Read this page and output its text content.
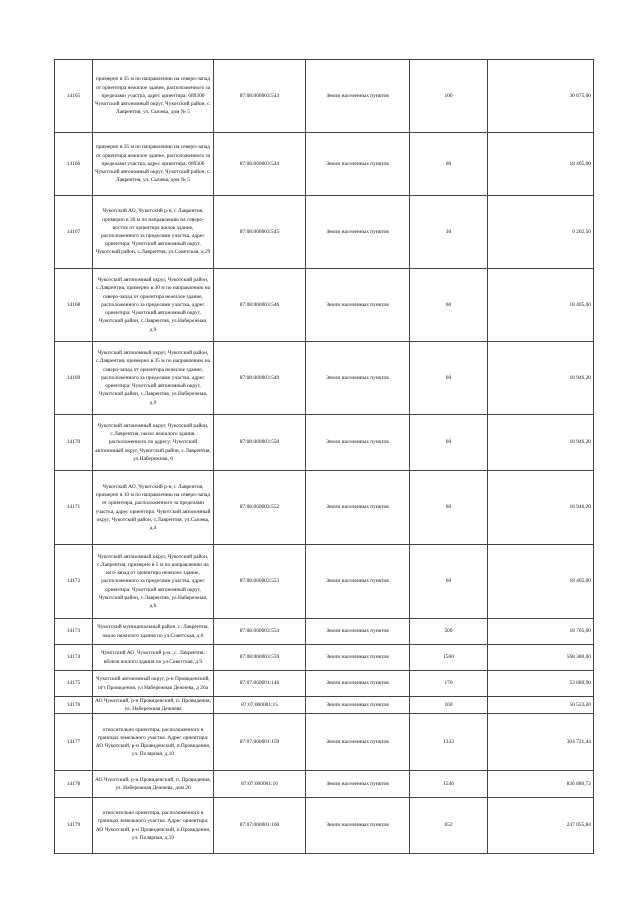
14165	примерно в 35 м по направлению на северо-запад от ориентира нежилое здание, расположенного за пределами участка, адрес ориентира: 689300 Чукотский автономный округ, Чукотский район, с. Лаврентия, ул. Сычева, дом № 5	87:08:060003:543	Земли населенных пунктов	100	30 675,00
14166	примерно в 35 м по направлению на северо-запад от ориентира нежилое здание, расположенного за пределами участка, адрес ориентира: 689300 Чукотский автономный округ, Чукотский район, с. Лаврентия, ул. Сычева, дом № 5	87:08:060003:544	Земли населенных пунктов	60	18 405,00
14167	Чукотский АО, Чукотский р-н, с Лаврентия, примерно в 30 м по направлению на северо-восток от ориентира жилое здание, расположенного за пределами участка, адрес ориентира: Чукотский автономный округ, Чукотский район, с.Лаврентия, ул.Советская, д.29	87:08:060003:545	Земли населенных пунктов	30	9 202,50
14168	Чукотский автономный округ, Чукотский район, с.Лаврентия, примерно в 30 м по направлению на северо-запад от ориентира нежилое здание, расположенного за пределами участка, адрес ориентира: Чукотский автономный округ, Чукотский район, с.Лаврентия, ул.Набережная, д.9	87:08:060003:546	Земли населенных пунктов	60	18 405,00
14169	Чукотский автономный округ, Чукотский район, с.Лаврентия, примерно в 35 м по направлению на северо-запад от ориентира нежилое здание, расположенного за пределами участка, адрес ориентира: Чукотский автономный округ, Чукотский район, с.Лаврентия, ул.Набережная, д.9	87:08:060003:549	Земли населенных пунктов	60	18 946,20
14170	Чукотский автономный округ, Чукотский район, с.Лаврентия, около нежилого здания, расположенного по адресу: Чукотский автономный округ, Чукотский район, с.Лаврентия, ул.Набережная, 6	87:08:060003:550	Земли населенных пунктов	60	18 946,20
14171	Чукотский АО, Чукотский р-н, с Лаврентия, примерно в 10 м по направлению на северо-запад от ориентира, расположенного за пределами участка, адрес ориентира: Чукотский автономный округ, Чукотский район, с.Лаврентия, ул.Сычева, д.4	87:08:060003:552	Земли населенных пунктов	60	18 946,20
14172	Чукотский автономный округ, Чукотский район, с.Лаврентия, примерно в 5 м по направлению на юго-запад от ориентира нежилое здание, расположенного за пределами участка, адрес ориентира: Чукотский автономный округ, Чукотский район, с.Лаврентия, ул.Набережная, д.6	87:08:060003:553	Земли населенных пунктов	60	18 405,00
14173	Чукотский муниципальный район, с. Лаврентия, около нежилого здания по ул.Советская, д.6	87:08:060003:554	Земли населенных пунктов	500	18 705,00
14174	Чукотский АО, Чукотский р-н., с. Лаврентия, вблизи жилого здания по ул.Советская, д.9	87:08:060003:559	Земли населенных пунктов	1500	568 380,00
14175	Чукотский автономный округ, р-н Провиденский, пгт Провидения, ул Набережная Дежнева, д 26а	87:07:060001:146	Земли населенных пунктов	170	53 680,90
14176	АО Чукотский, р-н Провиденский, п. Провидения, ул. Набережная Дежнева	87:07:060001:15	Земли населенных пунктов	160	50 523,20
14177	относительно ориентира, расположенного в границах земельного участка. Адрес ориентира: АО Чукотский, р-н Провиденский, п.Провидения, ул. Полярная, д.10	87:07:060001:159	Земли населенных пунктов	1332	304 721,44
14178	АО Чукотский, р-н Провиденский, п. Провидения, ул. Набережная Дежнева, дом 20	87:07:060001:16	Земли населенных пунктов	1546	836 880,72
14179	относительно ориентира, расположенного в границах земельного участка. Адрес ориентира: АО Чукотский, р-н Провиденский, п.Провидения, ул. Полярная, д.19	87:07:060001:160	Земли населенных пунктов	652	247 055,84
